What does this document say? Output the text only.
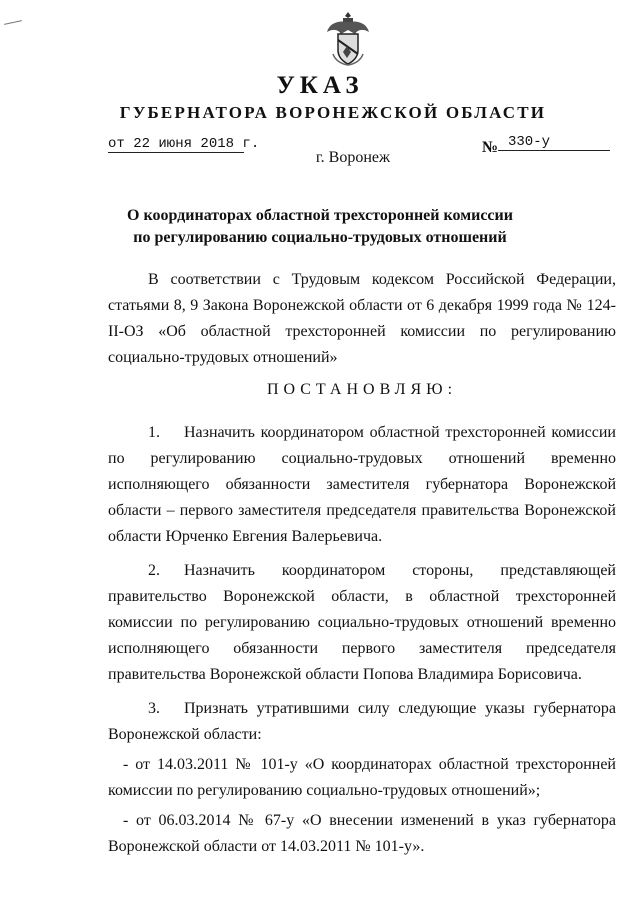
УКАЗ
ГУБЕРНАТОРА ВОРОНЕЖСКОЙ ОБЛАСТИ
от 22 июня 2018 г.	№ 330-у
г. Воронеж
О координаторах областной трехсторонней комиссии
по регулированию социально-трудовых отношений

В соответствии с Трудовым кодексом Российской Федерации, статьями 8, 9 Закона Воронежской области от 6 декабря 1999 года № 124-II-ОЗ «Об областной трехсторонней комиссии по регулированию социально-трудовых отношений»

ПОСТАНОВЛЯЮ:

1. Назначить координатором областной трехсторонней комиссии по регулированию социально-трудовых отношений временно исполняющего обязанности заместителя губернатора Воронежской области – первого заместителя председателя правительства Воронежской области Юрченко Евгения Валерьевича.

2. Назначить координатором стороны, представляющей правительство Воронежской области, в областной трехсторонней комиссии по регулированию социально-трудовых отношений временно исполняющего обязанности первого заместителя председателя правительства Воронежской области Попова Владимира Борисовича.

3. Признать утратившими силу следующие указы губернатора Воронежской области:

- от 14.03.2011 № 101-у «О координаторах областной трехсторонней комиссии по регулированию социально-трудовых отношений»;

- от 06.03.2014 № 67-у «О внесении изменений в указ губернатора Воронежской области от 14.03.2011 № 101-у».
